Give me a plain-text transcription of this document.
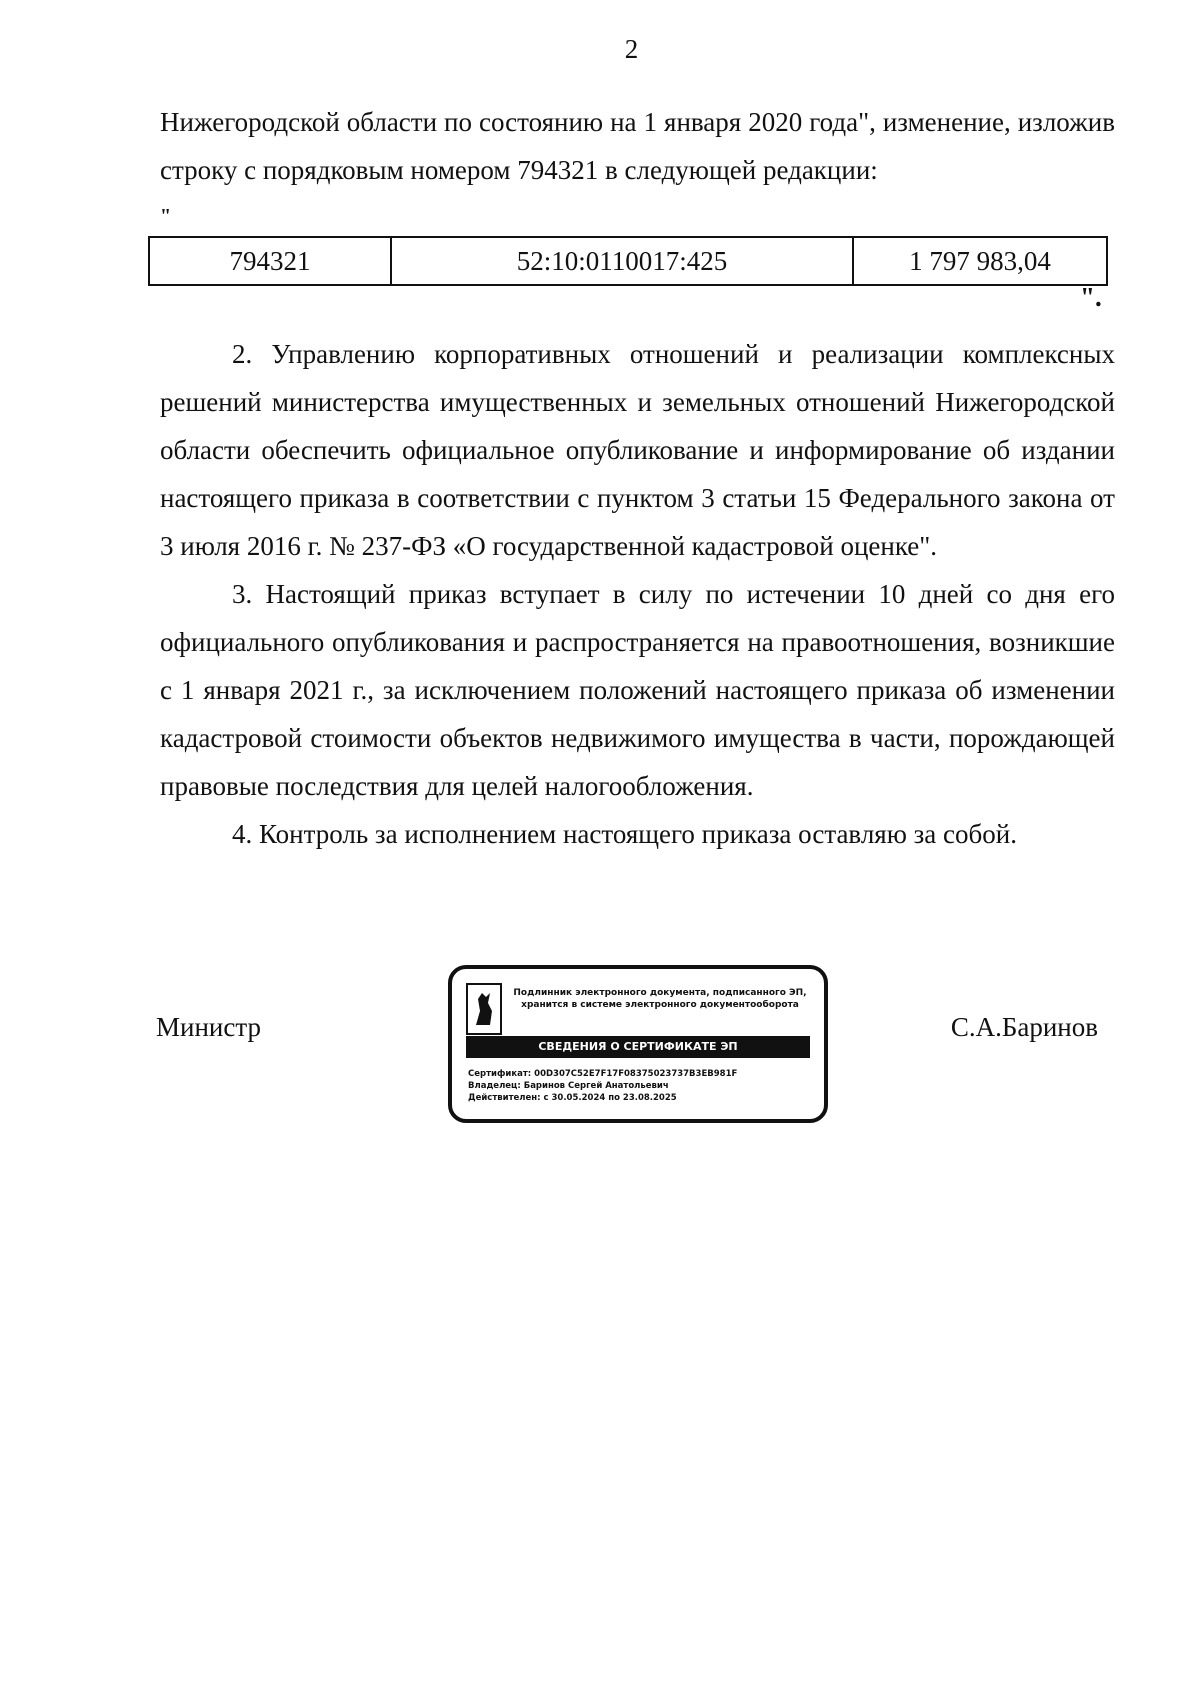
2

Нижегородской области по состоянию на 1 января 2020 года", изменение, изложив строку с порядковым номером 794321 в следующей редакции:

"
794321	52:10:0110017:425	1 797 983,04
".

2. Управлению корпоративных отношений и реализации комплексных решений министерства имущественных и земельных отношений Нижегородской области обеспечить официальное опубликование и информирование об издании настоящего приказа в соответствии с пунктом 3 статьи 15 Федерального закона от 3 июля 2016 г. № 237-ФЗ «О государственной кадастровой оценке".

3. Настоящий приказ вступает в силу по истечении 10 дней со дня его официального опубликования и распространяется на правоотношения, возникшие с 1 января 2021 г., за исключением положений настоящего приказа об изменении кадастровой стоимости объектов недвижимого имущества в части, порождающей правовые последствия для целей налогообложения.

4. Контроль за исполнением настоящего приказа оставляю за собой.

Министр
Подлинник электронного документа, подписанного ЭП, хранится в системе электронного документооборота
СВЕДЕНИЯ О СЕРТИФИКАТЕ ЭП
Сертификат: 00D307C52E7F17F08375023737B3EB981F
Владелец: Баринов Сергей Анатольевич
Действителен: с 30.05.2024 по 23.08.2025
С.А.Баринов
